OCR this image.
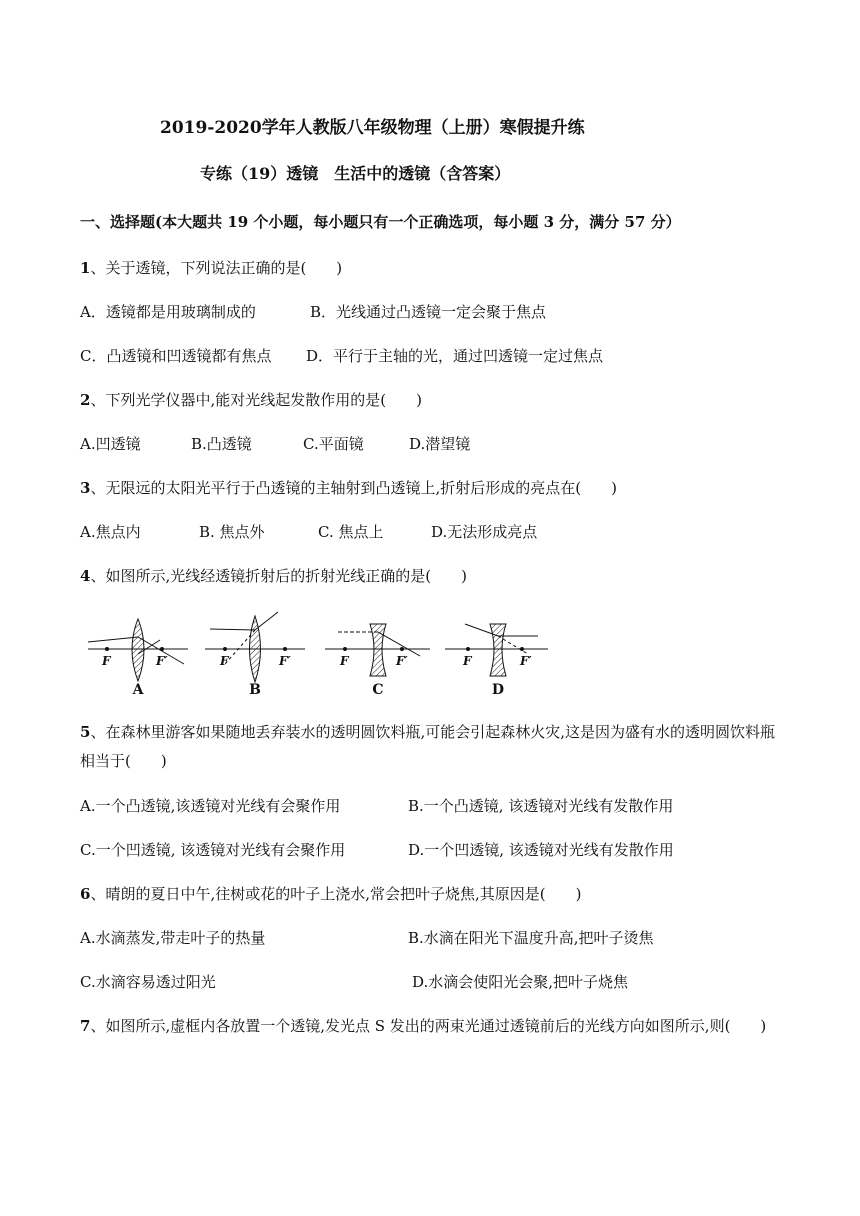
2019-2020学年人教版八年级物理（上册）寒假提升练
专练（19）透镜　生活中的透镜（含答案）
一、选择题(本大题共 19 个小题，每小题只有一个正确选项，每小题 3 分，满分 57 分）
1、关于透镜，下列说法正确的是(　　)
A．透镜都是用玻璃制成的	B．光线通过凸透镜一定会聚于焦点
C．凸透镜和凹透镜都有焦点 D．平行于主轴的光，通过凹透镜一定过焦点
2、下列光学仪器中,能对光线起发散作用的是(　　)
A.凹透镜	B.凸透镜	C.平面镜	D.潜望镜
3、无限远的太阳光平行于凸透镜的主轴射到凸透镜上,折射后形成的亮点在(　　)
A.焦点内	B. 焦点外	C. 焦点上	D.无法形成亮点
4、如图所示,光线经透镜折射后的折射光线正确的是(　　)
F	F′	F	F′	F	F′	F	F′
A	B	C	D
5、在森林里游客如果随地丢弃装水的透明圆饮料瓶,可能会引起森林火灾,这是因为盛有水的透明圆饮料瓶
相当于(　　)
A.一个凸透镜,该透镜对光线有会聚作用	B.一个凸透镜, 该透镜对光线有发散作用
C.一个凹透镜, 该透镜对光线有会聚作用	D.一个凹透镜, 该透镜对光线有发散作用
6、晴朗的夏日中午,往树或花的叶子上浇水,常会把叶子烧焦,其原因是(　　)
A.水滴蒸发,带走叶子的热量	B.水滴在阳光下温度升高,把叶子烫焦
C.水滴容易透过阳光	D.水滴会使阳光会聚,把叶子烧焦
7、如图所示,虚框内各放置一个透镜,发光点 S 发出的两束光通过透镜前后的光线方向如图所示,则(　　)
